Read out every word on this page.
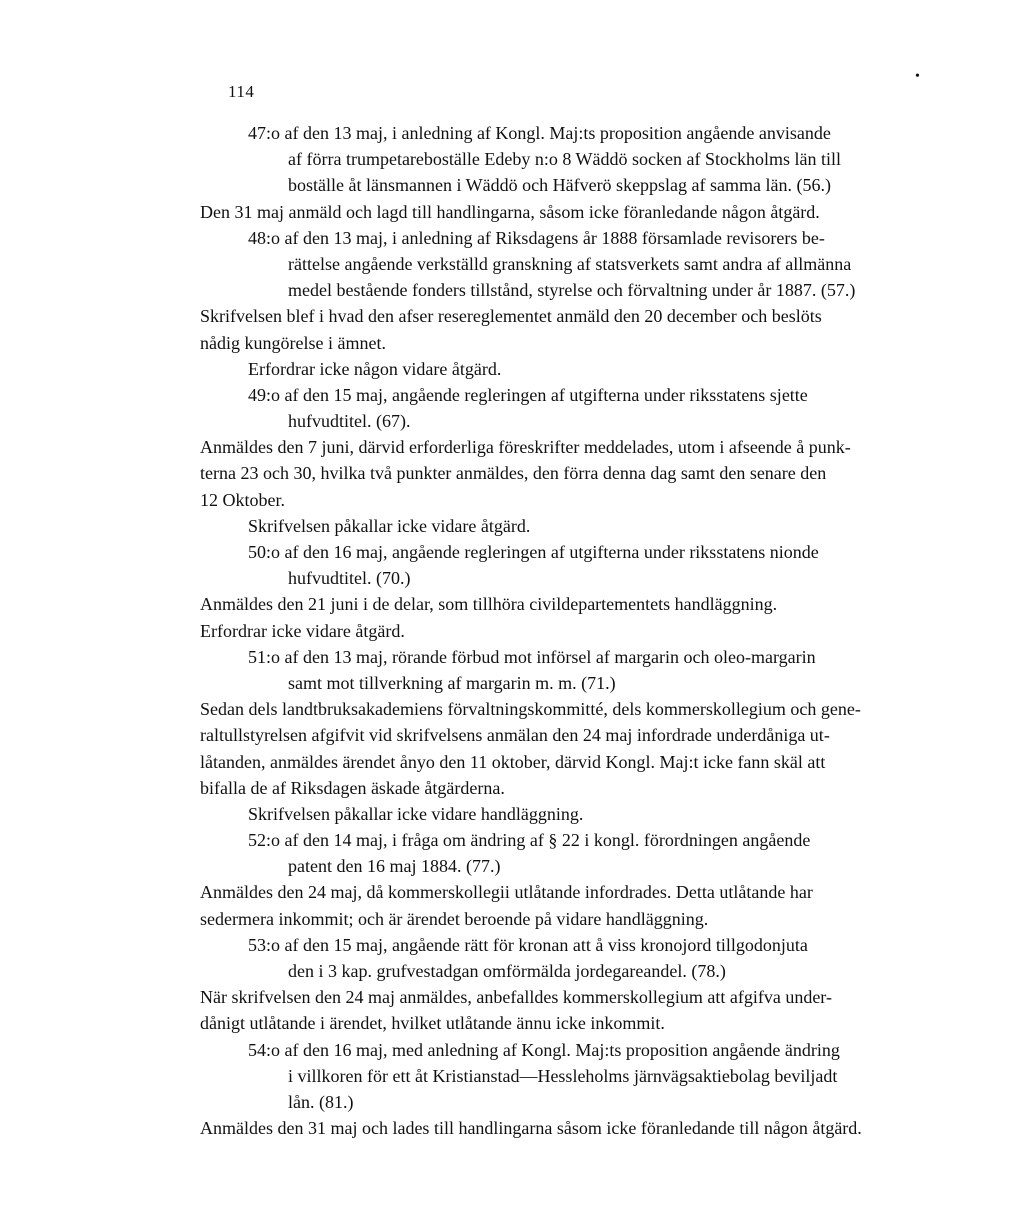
114
•
47:o af den 13 maj, i anledning af Kongl. Maj:ts proposition angående anvisande
af förra trumpetareboställe Edeby n:o 8 Wäddö socken af Stockholms län till
boställe åt länsmannen i Wäddö och Häfverö skeppslag af samma län. (56.)
Den 31 maj anmäld och lagd till handlingarna, såsom icke föranledande någon åtgärd.
48:o af den 13 maj, i anledning af Riksdagens år 1888 församlade revisorers be-
rättelse angående verkställd granskning af statsverkets samt andra af allmänna
medel bestående fonders tillstånd, styrelse och förvaltning under år 1887. (57.)
Skrifvelsen blef i hvad den afser resereglementet anmäld den 20 december och beslöts
nådig kungörelse i ämnet.
Erfordrar icke någon vidare åtgärd.
49:o af den 15 maj, angående regleringen af utgifterna under riksstatens sjette
hufvudtitel. (67).
Anmäldes den 7 juni, därvid erforderliga föreskrifter meddelades, utom i afseende å punk-
terna 23 och 30, hvilka två punkter anmäldes, den förra denna dag samt den senare den
12 Oktober.
Skrifvelsen påkallar icke vidare åtgärd.
50:o af den 16 maj, angående regleringen af utgifterna under riksstatens nionde
hufvudtitel. (70.)
Anmäldes den 21 juni i de delar, som tillhöra civildepartementets handläggning.
Erfordrar icke vidare åtgärd.
51:o af den 13 maj, rörande förbud mot införsel af margarin och oleo-margarin
samt mot tillverkning af margarin m. m. (71.)
Sedan dels landtbruksakademiens förvaltningskommitté, dels kommerskollegium och gene-
raltullstyrelsen afgifvit vid skrifvelsens anmälan den 24 maj infordrade underdåniga ut-
låtanden, anmäldes ärendet ånyo den 11 oktober, därvid Kongl. Maj:t icke fann skäl att
bifalla de af Riksdagen äskade åtgärderna.
Skrifvelsen påkallar icke vidare handläggning.
52:o af den 14 maj, i fråga om ändring af § 22 i kongl. förordningen angående
patent den 16 maj 1884. (77.)
Anmäldes den 24 maj, då kommerskollegii utlåtande infordrades. Detta utlåtande har
sedermera inkommit; och är ärendet beroende på vidare handläggning.
53:o af den 15 maj, angående rätt för kronan att å viss kronojord tillgodonjuta
den i 3 kap. grufvestadgan omförmälda jordegareandel. (78.)
När skrifvelsen den 24 maj anmäldes, anbefalldes kommerskollegium att afgifva under-
dånigt utlåtande i ärendet, hvilket utlåtande ännu icke inkommit.
54:o af den 16 maj, med anledning af Kongl. Maj:ts proposition angående ändring
i villkoren för ett åt Kristianstad—Hessleholms järnvägsaktiebolag beviljadt
lån. (81.)
Anmäldes den 31 maj och lades till handlingarna såsom icke föranledande till någon åtgärd.
